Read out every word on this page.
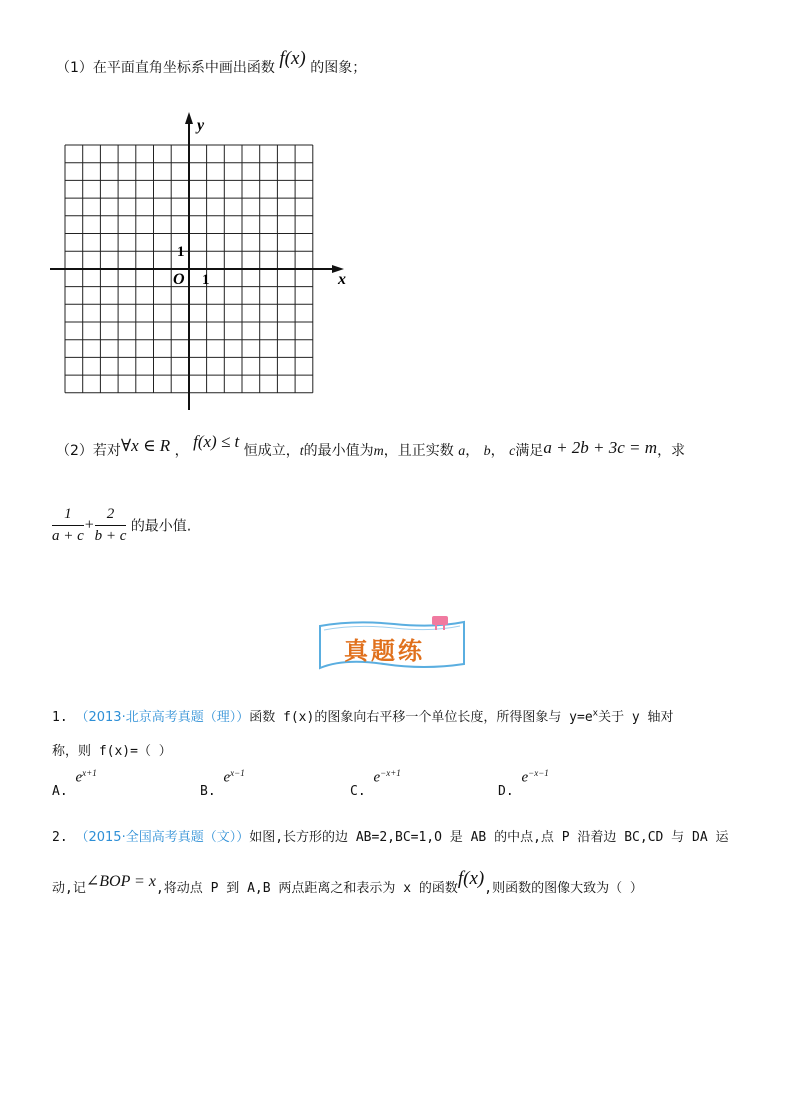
（1）在平面直角坐标系中画出函数 f(x) 的图象；
y
x
O 1
1
（2）若对∀x ∈ R ， f(x) ≤ t 恒成立，t的最小值为m，且正实数 a， b， c满足a + 2b + 3c = m，求
$\frac{1}{a + c} + \frac{2}{b + c}$ 的最小值.
真题练
1. （2013·北京高考真题（理））函数 f(x)的图象向右平移一个单位长度，所得图象与 $y=e^x$关于 y 轴对
称，则 f(x)=（ ）
A. $e^{x+1}$
B. $e^{x-1}$
C. $e^{-x+1}$
D. $e^{-x-1}$
2. （2015·全国高考真题（文））如图,长方形的边 AB=2,BC=1,O 是 AB 的中点,点 P 沿着边 BC,CD 与 DA 运
动,记∠BOP = x,将动点 P 到 A,B 两点距离之和表示为 x 的函数f(x),则函数的图像大致为（ ）
